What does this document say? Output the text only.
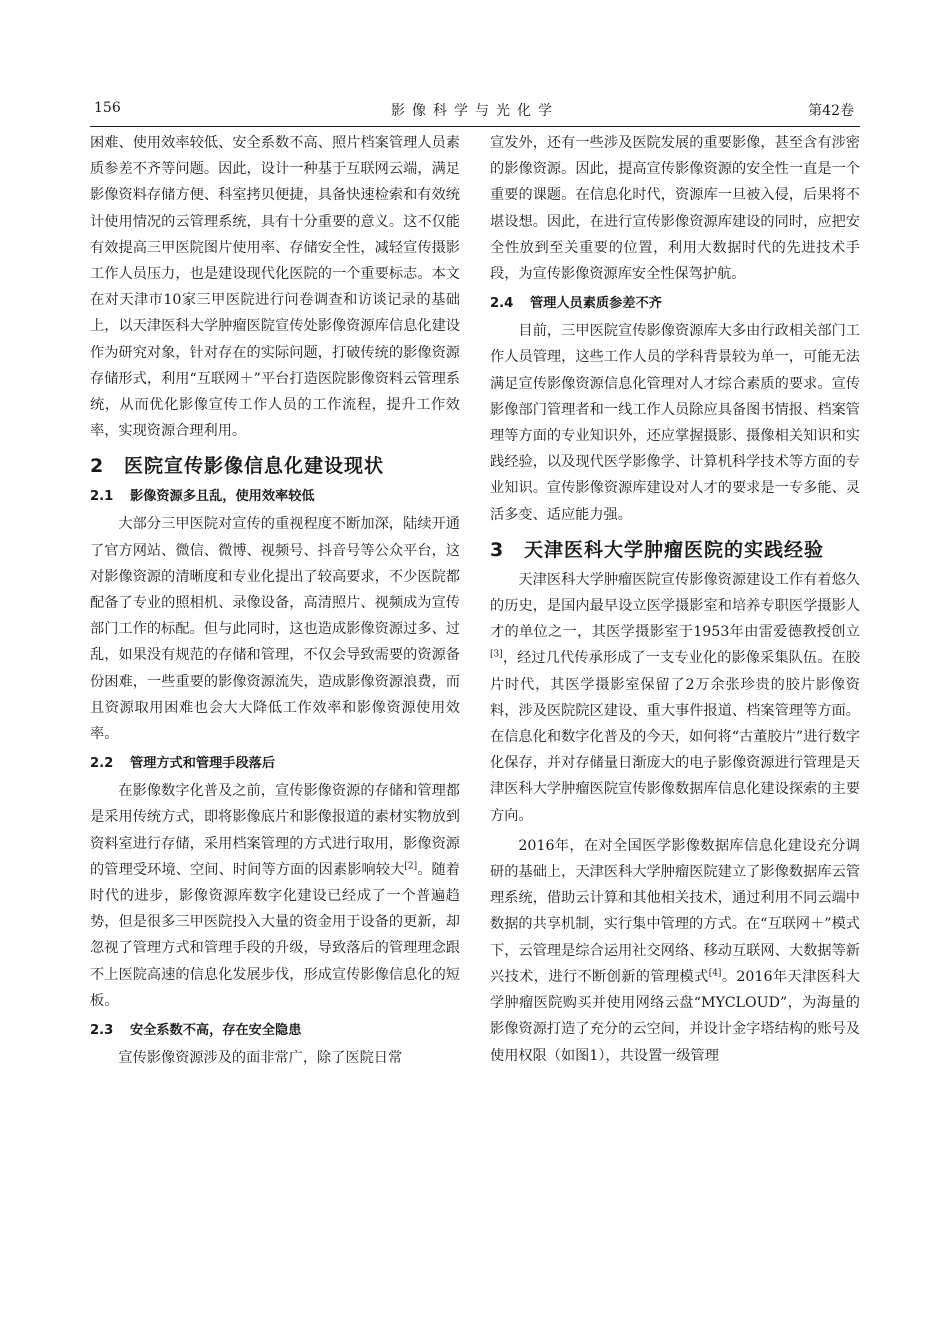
156	影像科学与光化学	第42卷

困难、使用效率较低、安全系数不高、照片档案管理人员素质参差不齐等问题。因此，设计一种基于互联网云端，满足影像资料存储方便、科室拷贝便捷，具备快速检索和有效统计使用情况的云管理系统，具有十分重要的意义。这不仅能有效提高三甲医院图片使用率、存储安全性，减轻宣传摄影工作人员压力，也是建设现代化医院的一个重要标志。本文在对天津市10家三甲医院进行问卷调查和访谈记录的基础上，以天津医科大学肿瘤医院宣传处影像资源库信息化建设作为研究对象，针对存在的实际问题，打破传统的影像资源存储形式，利用“互联网＋”平台打造医院影像资料云管理系统，从而优化影像宣传工作人员的工作流程，提升工作效率，实现资源合理利用。

2 医院宣传影像信息化建设现状
2.1 影像资源多且乱，使用效率较低

大部分三甲医院对宣传的重视程度不断加深，陆续开通了官方网站、微信、微博、视频号、抖音号等公众平台，这对影像资源的清晰度和专业化提出了较高要求，不少医院都配备了专业的照相机、录像设备，高清照片、视频成为宣传部门工作的标配。但与此同时，这也造成影像资源过多、过乱，如果没有规范的存储和管理，不仅会导致需要的资源备份困难，一些重要的影像资源流失，造成影像资源浪费，而且资源取用困难也会大大降低工作效率和影像资源使用效率。

2.2 管理方式和管理手段落后

在影像数字化普及之前，宣传影像资源的存储和管理都是采用传统方式，即将影像底片和影像报道的素材实物放到资料室进行存储，采用档案管理的方式进行取用，影像资源的管理受环境、空间、时间等方面的因素影响较大[2]。随着时代的进步，影像资源库数字化建设已经成了一个普遍趋势，但是很多三甲医院投入大量的资金用于设备的更新，却忽视了管理方式和管理手段的升级，导致落后的管理理念跟不上医院高速的信息化发展步伐，形成宣传影像信息化的短板。

2.3 安全系数不高，存在安全隐患

宣传影像资源涉及的面非常广，除了医院日常

宣发外，还有一些涉及医院发展的重要影像，甚至含有涉密的影像资源。因此，提高宣传影像资源的安全性一直是一个重要的课题。在信息化时代，资源库一旦被入侵，后果将不堪设想。因此，在进行宣传影像资源库建设的同时，应把安全性放到至关重要的位置，利用大数据时代的先进技术手段，为宣传影像资源库安全性保驾护航。

2.4 管理人员素质参差不齐

目前，三甲医院宣传影像资源库大多由行政相关部门工作人员管理，这些工作人员的学科背景较为单一，可能无法满足宣传影像资源信息化管理对人才综合素质的要求。宣传影像部门管理者和一线工作人员除应具备图书情报、档案管理等方面的专业知识外，还应掌握摄影、摄像相关知识和实践经验，以及现代医学影像学、计算机科学技术等方面的专业知识。宣传影像资源库建设对人才的要求是一专多能、灵活多变、适应能力强。

3 天津医科大学肿瘤医院的实践经验

天津医科大学肿瘤医院宣传影像资源建设工作有着悠久的历史，是国内最早设立医学摄影室和培养专职医学摄影人才的单位之一，其医学摄影室于1953年由雷爱德教授创立[3]，经过几代传承形成了一支专业化的影像采集队伍。在胶片时代，其医学摄影室保留了2万余张珍贵的胶片影像资料，涉及医院院区建设、重大事件报道、档案管理等方面。在信息化和数字化普及的今天，如何将“古董胶片”进行数字化保存，并对存储量日渐庞大的电子影像资源进行管理是天津医科大学肿瘤医院宣传影像数据库信息化建设探索的主要方向。

2016年，在对全国医学影像数据库信息化建设充分调研的基础上，天津医科大学肿瘤医院建立了影像数据库云管理系统，借助云计算和其他相关技术，通过利用不同云端中数据的共享机制，实行集中管理的方式。在“互联网＋”模式下，云管理是综合运用社交网络、移动互联网、大数据等新兴技术，进行不断创新的管理模式[4]。2016年天津医科大学肿瘤医院购买并使用网络云盘“MYCLOUD”，为海量的影像资源打造了充分的云空间，并设计金字塔结构的账号及使用权限（如图1），共设置一级管理
